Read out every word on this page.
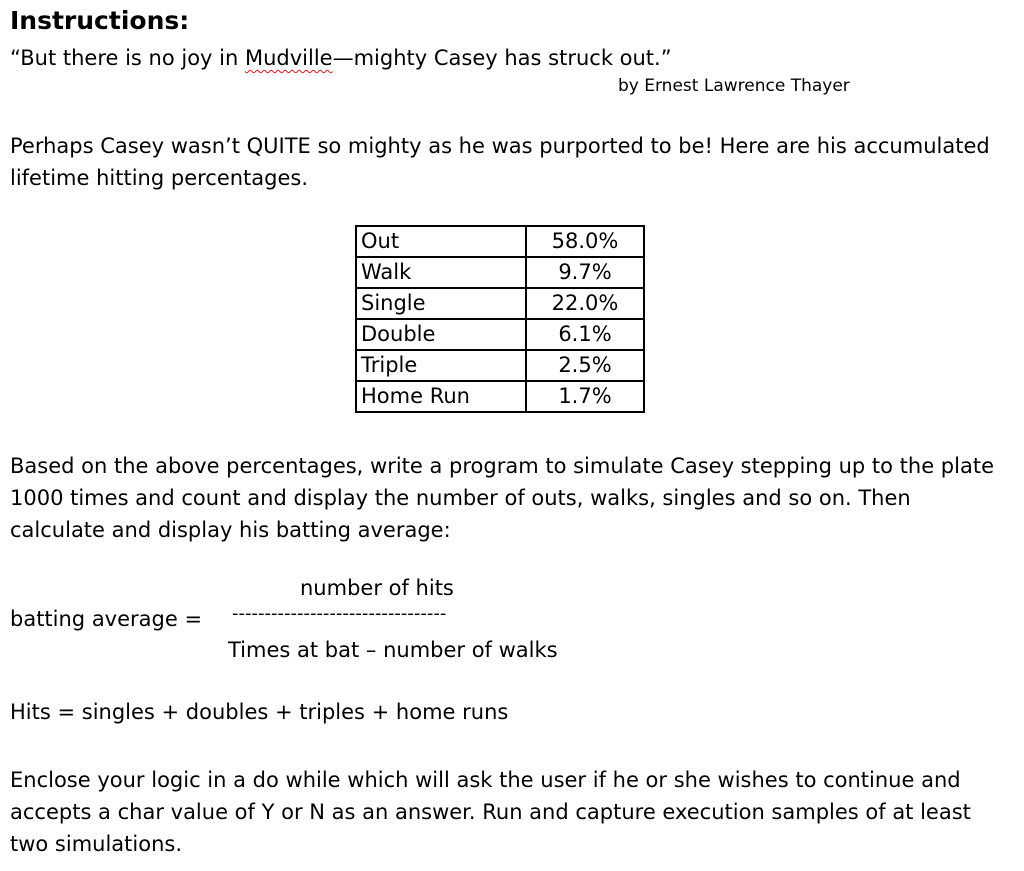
Instructions:
“But there is no joy in Mudville—mighty Casey has struck out.”
by Ernest Lawrence Thayer
Perhaps Casey wasn’t QUITE so mighty as he was purported to be! Here are his accumulated lifetime hitting percentages.
Out	58.0%
Walk	9.7%
Single	22.0%
Double	6.1%
Triple	2.5%
Home Run	1.7%
Based on the above percentages, write a program to simulate Casey stepping up to the plate 1000 times and count and display the number of outs, walks, singles and so on. Then calculate and display his batting average:
number of hits
batting average = ---------------------------------
Times at bat – number of walks
Hits = singles + doubles + triples + home runs
Enclose your logic in a do while which will ask the user if he or she wishes to continue and accepts a char value of Y or N as an answer. Run and capture execution samples of at least two simulations.
